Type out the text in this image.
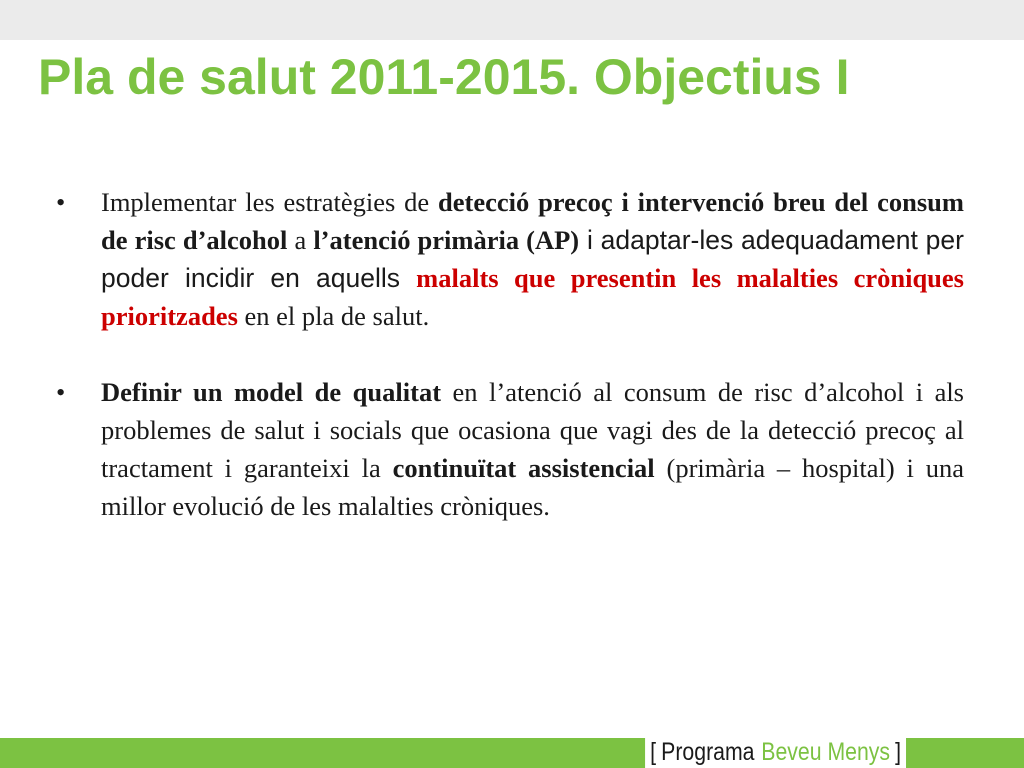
Pla de salut 2011-2015. Objectius I
• Implementar les estratègies de detecció precoç i intervenció breu del consum de risc d’alcohol a l’atenció primària (AP) i adaptar-les adequadament per poder incidir en aquells malalts que presentin les malalties cròniques prioritzades en el pla de salut.
• Definir un model de qualitat en l’atenció al consum de risc d’alcohol i als problemes de salut i socials que ocasiona que vagi des de la detecció precoç al tractament i garanteixi la continuïtat assistencial (primària – hospital) i una millor evolució de les malalties cròniques.
[ Programa Beveu Menys ]
